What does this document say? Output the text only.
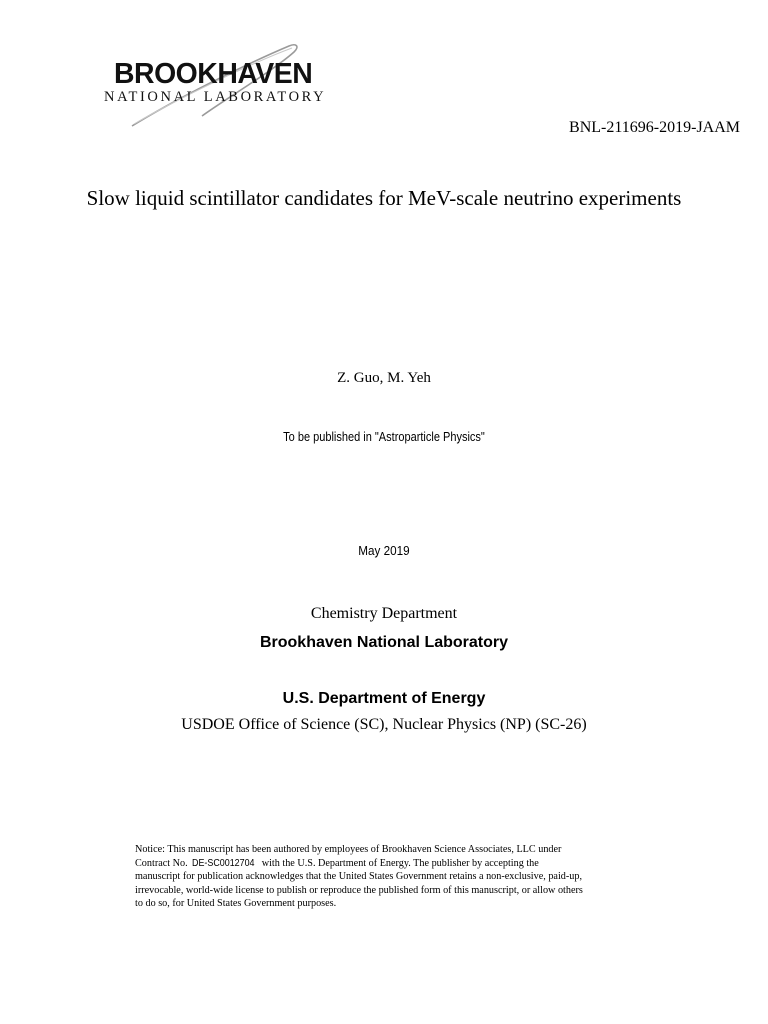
BROOKHAVEN
NATIONAL LABORATORY
BNL-211696-2019-JAAM
Slow liquid scintillator candidates for MeV-scale neutrino experiments
Z. Guo, M. Yeh
To be published in "Astroparticle Physics"
May 2019
Chemistry Department
Brookhaven National Laboratory
U.S. Department of Energy
USDOE Office of Science (SC), Nuclear Physics (NP) (SC-26)
Notice: This manuscript has been authored by employees of Brookhaven Science Associates, LLC under
Contract No. DE-SC0012704 with the U.S. Department of Energy. The publisher by accepting the
manuscript for publication acknowledges that the United States Government retains a non-exclusive, paid-up,
irrevocable, world-wide license to publish or reproduce the published form of this manuscript, or allow others
to do so, for United States Government purposes.
